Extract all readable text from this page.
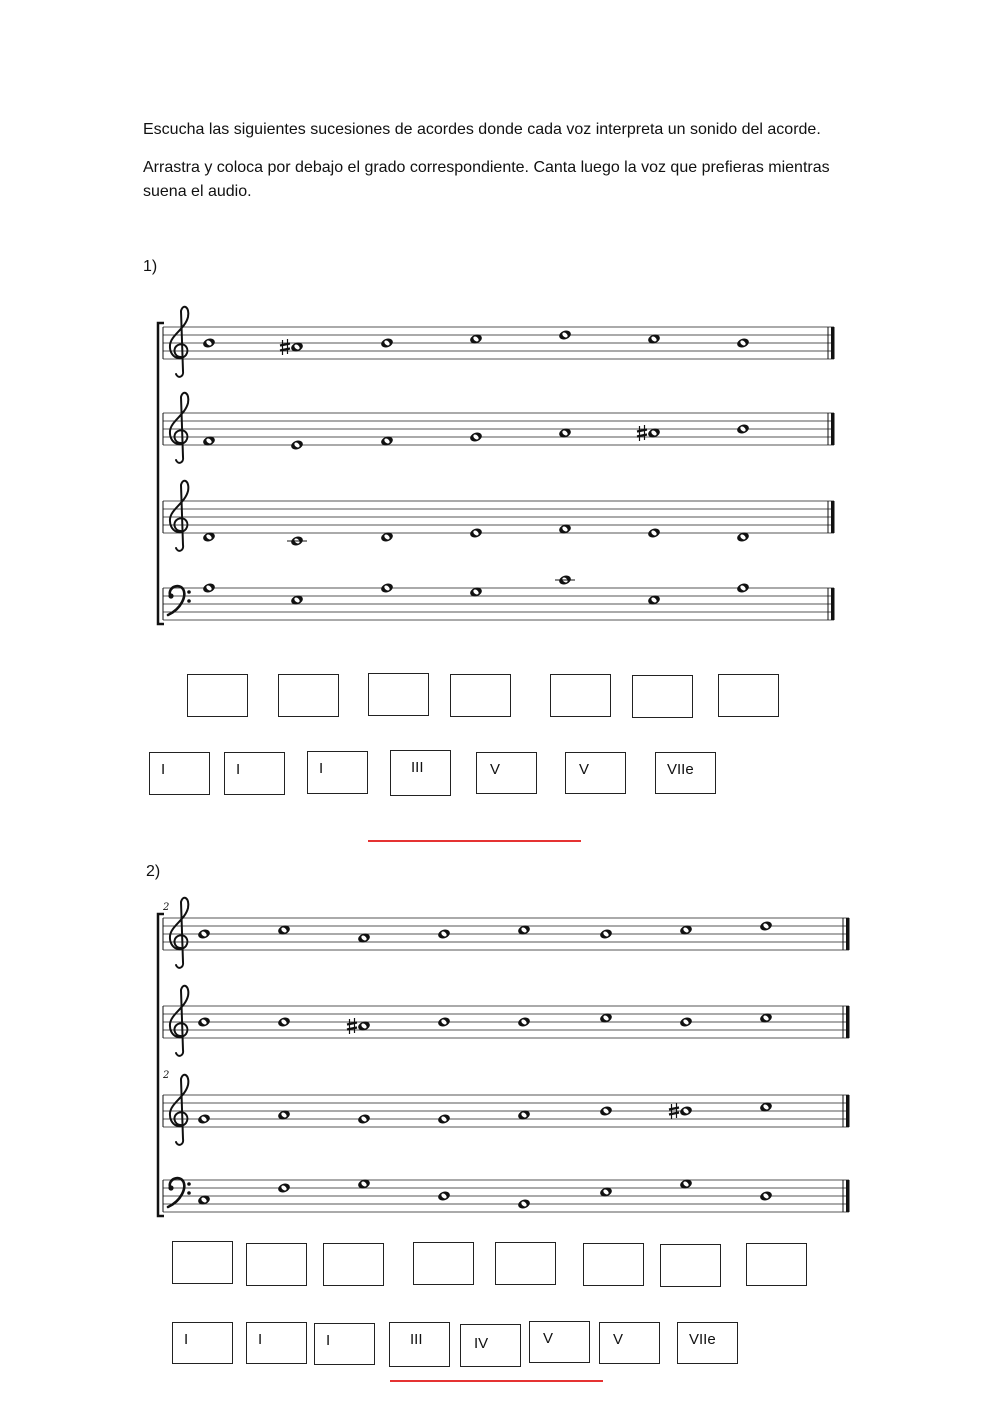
Escucha las siguientes sucesiones de acordes donde cada voz interpreta un sonido del acorde.
Arrastra y coloca por debajo el grado correspondiente. Canta luego la voz que prefieras mientras suena el audio.
1)
2)
2
2
I	I	I	III	V	V	VIIe
I	I	I	III	IV	V	V	VIIe
